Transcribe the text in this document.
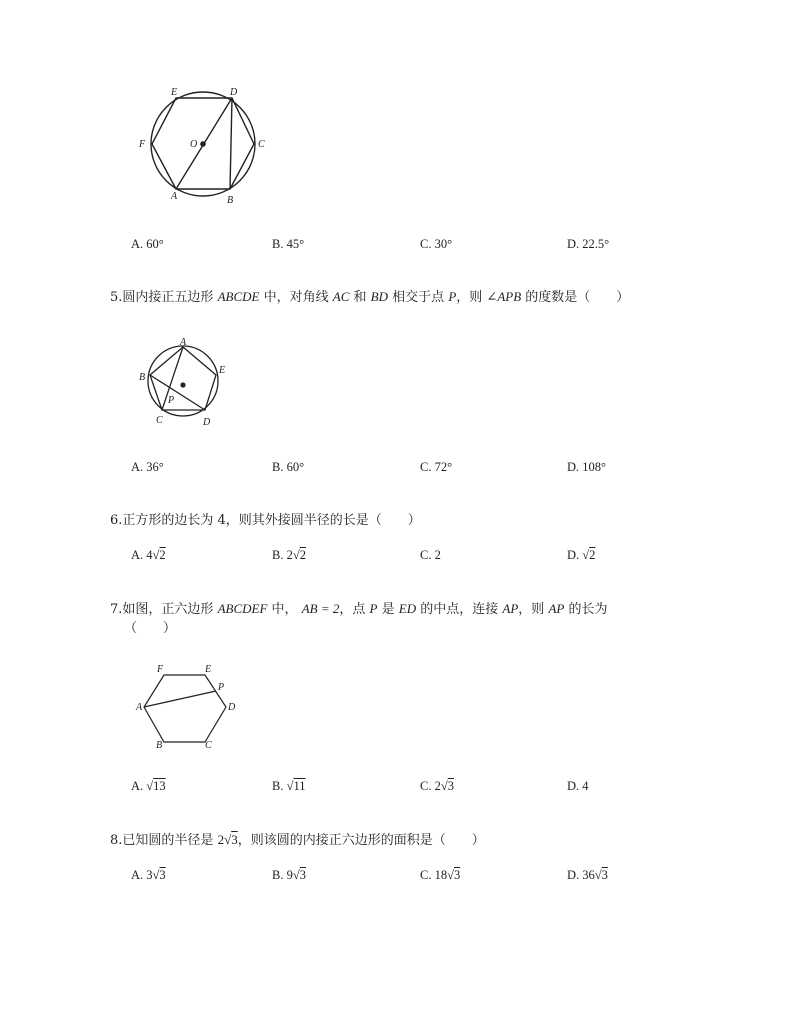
E	D
F	O	C
A	B
A. 60°	B. 45°	C. 30°	D. 22.5°
5.圆内接正五边形 ABCDE 中，对角线 AC 和 BD 相交于点 P，则 ∠APB 的度数是（　　）
A
B
E
P
C	D
A. 36°	B. 60°	C. 72°	D. 108°
6.正方形的边长为 4，则其外接圆半径的长是（　　）
A. 4√2	B. 2√2	C. 2	D. √2
7.如图，正六边形 ABCDEF 中， AB = 2，点 P 是 ED 的中点，连接 AP，则 AP 的长为
（　　）
F	E
P
A	D
B	C
A. √13	B. √11	C. 2√3	D. 4
8.已知圆的半径是 2√3，则该圆的内接正六边形的面积是（　　）
A. 3√3	B. 9√3	C. 18√3	D. 36√3
